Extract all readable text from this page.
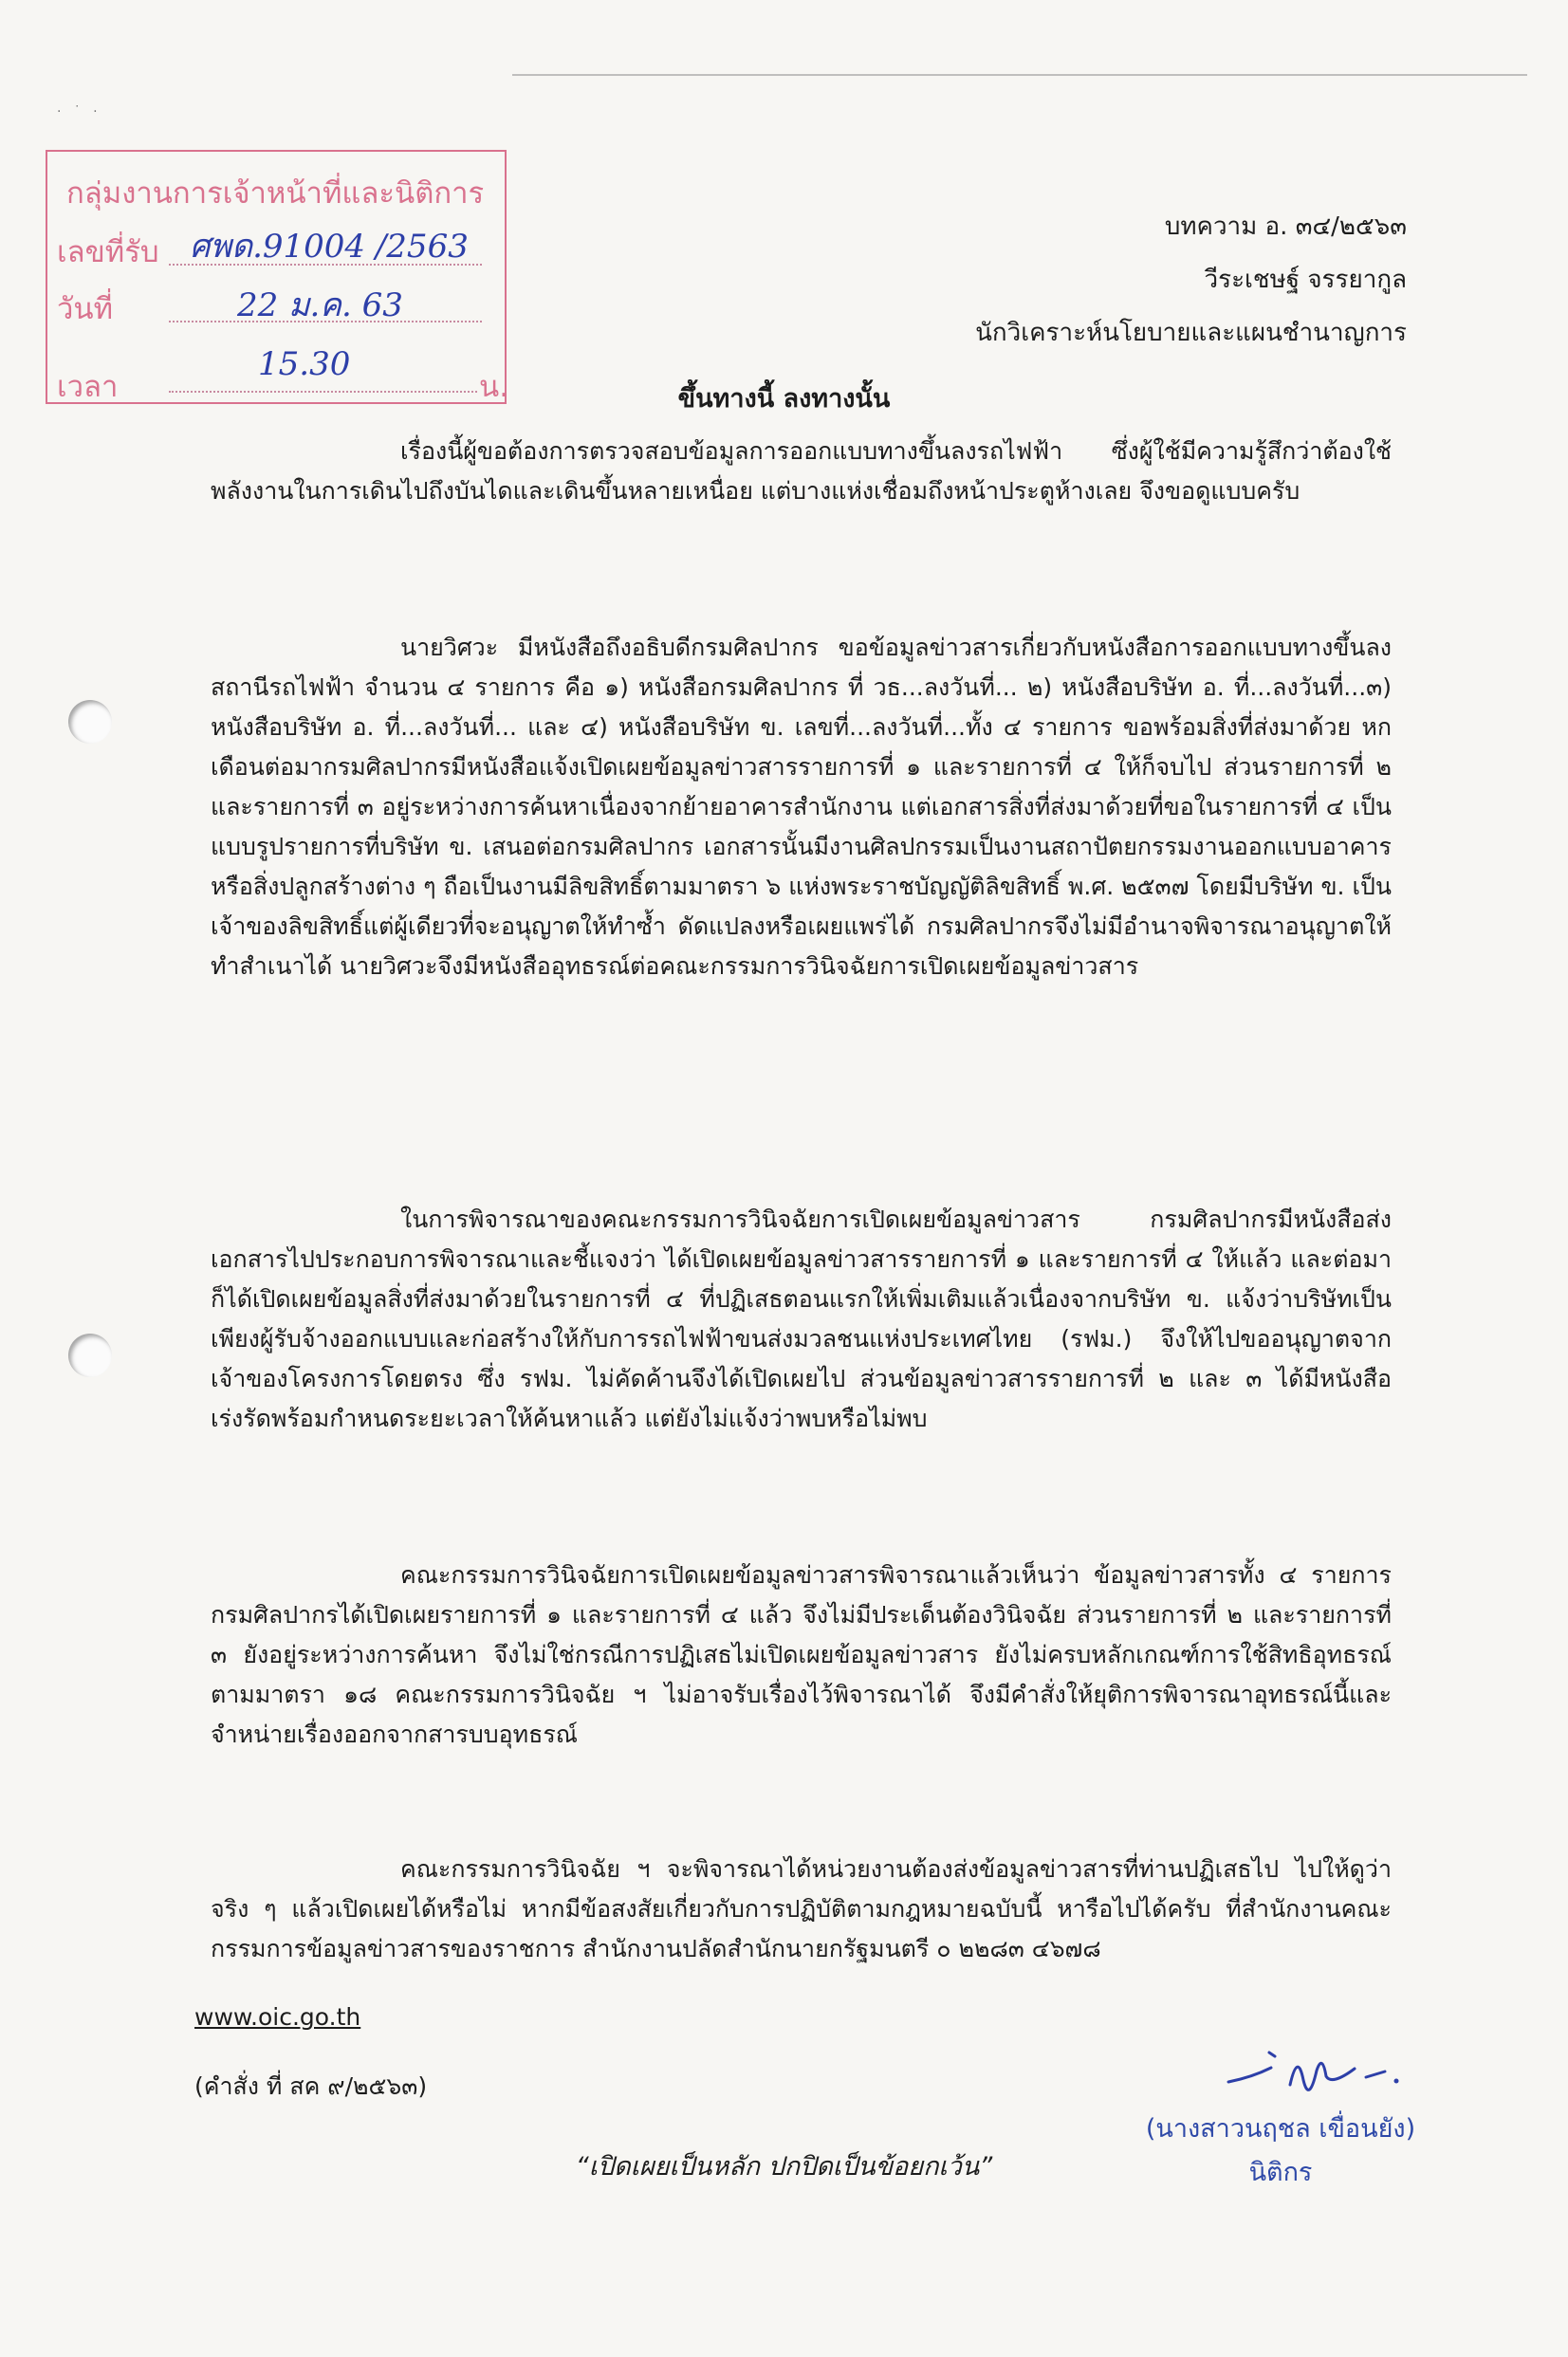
·   ˙   ·
กลุ่มงานการเจ้าหน้าที่และนิติการ
เลขที่รับ ศพด.91004 /2563
วันที่	22 ม.ค. 63
เวลา
15.30
น.
บทความ อ. ๓๔/๒๕๖๓
วีระเชษฐ์ จรรยากูล
นักวิเคราะห์นโยบายและแผนชำนาญการ
ขึ้นทางนี้ ลงทางนั้น

เรื่องนี้ผู้ขอต้องการตรวจสอบข้อมูลการออกแบบทางขึ้นลงรถไฟฟ้า ซึ่งผู้ใช้มีความรู้สึกว่าต้องใช้พลังงานในการเดินไปถึงบันไดและเดินขึ้นหลายเหนื่อย แต่บางแห่งเชื่อมถึงหน้าประตูห้างเลย จึงขอดูแบบครับ

นายวิศวะ มีหนังสือถึงอธิบดีกรมศิลปากร ขอข้อมูลข่าวสารเกี่ยวกับหนังสือการออกแบบทางขึ้นลงสถานีรถไฟฟ้า จำนวน ๔ รายการ คือ ๑) หนังสือกรมศิลปากร ที่ วธ...ลงวันที่... ๒) หนังสือบริษัท อ. ที่...ลงวันที่...๓) หนังสือบริษัท อ. ที่...ลงวันที่... และ ๔) หนังสือบริษัท ข. เลขที่...ลงวันที่...ทั้ง ๔ รายการ ขอพร้อมสิ่งที่ส่งมาด้วย หกเดือนต่อมากรมศิลปากรมีหนังสือแจ้งเปิดเผยข้อมูลข่าวสารรายการที่ ๑ และรายการที่ ๔ ให้ก็จบไป ส่วนรายการที่ ๒ และรายการที่ ๓ อยู่ระหว่างการค้นหาเนื่องจากย้ายอาคารสำนักงาน แต่เอกสารสิ่งที่ส่งมาด้วยที่ขอในรายการที่ ๔ เป็นแบบรูปรายการที่บริษัท ข. เสนอต่อกรมศิลปากร เอกสารนั้นมีงานศิลปกรรมเป็นงานสถาปัตยกรรมงานออกแบบอาคารหรือสิ่งปลูกสร้างต่าง ๆ ถือเป็นงานมีลิขสิทธิ์ตามมาตรา ๖ แห่งพระราชบัญญัติลิขสิทธิ์ พ.ศ. ๒๕๓๗ โดยมีบริษัท ข. เป็นเจ้าของลิขสิทธิ์แต่ผู้เดียวที่จะอนุญาตให้ทำซ้ำ ดัดแปลงหรือเผยแพร่ได้ กรมศิลปากรจึงไม่มีอำนาจพิจารณาอนุญาตให้ทำสำเนาได้ นายวิศวะจึงมีหนังสืออุทธรณ์ต่อคณะกรรมการวินิจฉัยการเปิดเผยข้อมูลข่าวสาร

ในการพิจารณาของคณะกรรมการวินิจฉัยการเปิดเผยข้อมูลข่าวสาร กรมศิลปากรมีหนังสือส่งเอกสารไปประกอบการพิจารณาและชี้แจงว่า ได้เปิดเผยข้อมูลข่าวสารรายการที่ ๑ และรายการที่ ๔ ให้แล้ว และต่อมาก็ได้เปิดเผยข้อมูลสิ่งที่ส่งมาด้วยในรายการที่ ๔ ที่ปฏิเสธตอนแรกให้เพิ่มเติมแล้วเนื่องจากบริษัท ข. แจ้งว่าบริษัทเป็นเพียงผู้รับจ้างออกแบบและก่อสร้างให้กับการรถไฟฟ้าขนส่งมวลชนแห่งประเทศไทย (รฟม.) จึงให้ไปขออนุญาตจากเจ้าของโครงการโดยตรง ซึ่ง รฟม. ไม่คัดค้านจึงได้เปิดเผยไป ส่วนข้อมูลข่าวสารรายการที่ ๒ และ ๓ ได้มีหนังสือเร่งรัดพร้อมกำหนดระยะเวลาให้ค้นหาแล้ว แต่ยังไม่แจ้งว่าพบหรือไม่พบ

คณะกรรมการวินิจฉัยการเปิดเผยข้อมูลข่าวสารพิจารณาแล้วเห็นว่า ข้อมูลข่าวสารทั้ง ๔ รายการ กรมศิลปากรได้เปิดเผยรายการที่ ๑ และรายการที่ ๔ แล้ว จึงไม่มีประเด็นต้องวินิจฉัย ส่วนรายการที่ ๒ และรายการที่ ๓ ยังอยู่ระหว่างการค้นหา จึงไม่ใช่กรณีการปฏิเสธไม่เปิดเผยข้อมูลข่าวสาร ยังไม่ครบหลักเกณฑ์การใช้สิทธิอุทธรณ์ตามมาตรา ๑๘ คณะกรรมการวินิจฉัย ฯ ไม่อาจรับเรื่องไว้พิจารณาได้ จึงมีคำสั่งให้ยุติการพิจารณาอุทธรณ์นี้และจำหน่ายเรื่องออกจากสารบบอุทธรณ์

คณะกรรมการวินิจฉัย ฯ จะพิจารณาได้หน่วยงานต้องส่งข้อมูลข่าวสารที่ท่านปฏิเสธไป ไปให้ดูว่าจริง ๆ แล้วเปิดเผยได้หรือไม่ หากมีข้อสงสัยเกี่ยวกับการปฏิบัติตามกฎหมายฉบับนี้ หารือไปได้ครับ ที่สำนักงานคณะกรรมการข้อมูลข่าวสารของราชการ สำนักงานปลัดสำนักนายกรัฐมนตรี ๐ ๒๒๘๓ ๔๖๗๘

www.oic.go.th
(คำสั่ง ที่ สค ๙/๒๕๖๓)
“เปิดเผยเป็นหลัก ปกปิดเป็นข้อยกเว้น”
(นางสาวนฤชล เขื่อนยัง)
นิติกร
